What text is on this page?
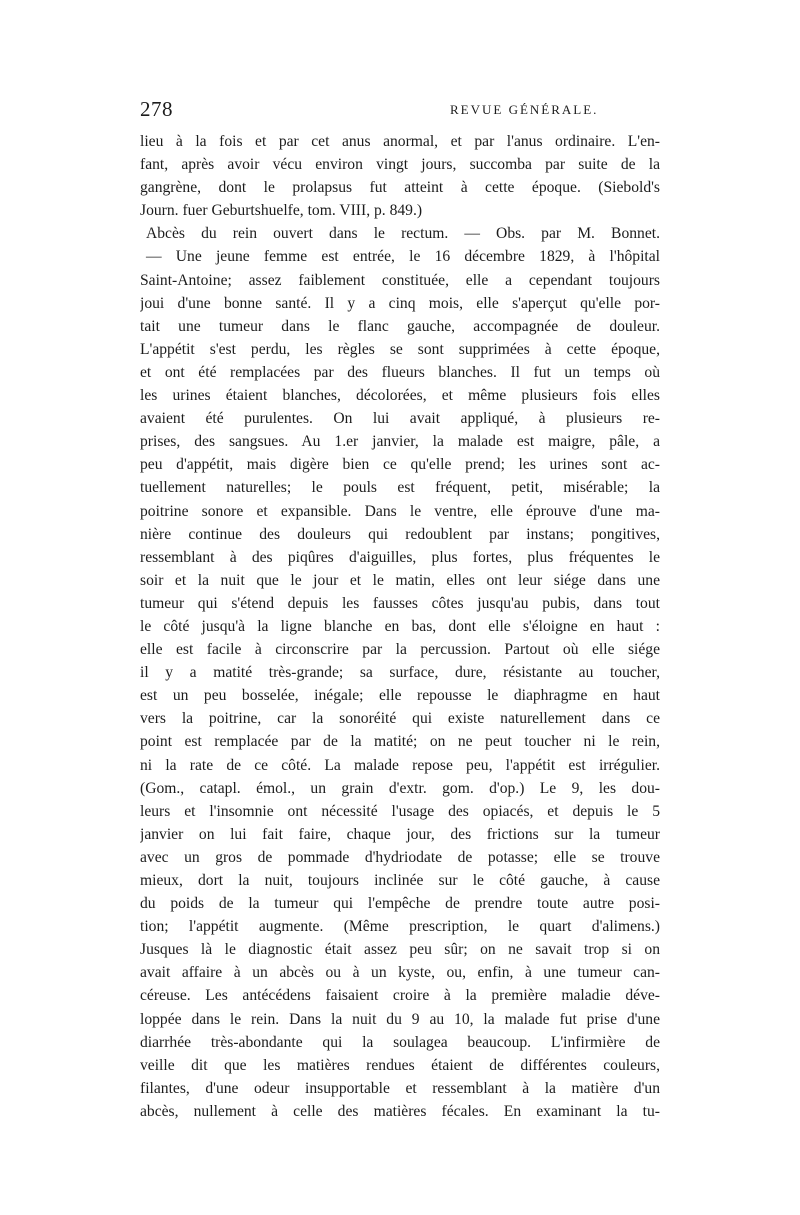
278	REVUE GÉNÉRALE.
lieu à la fois et par cet anus anormal, et par l'anus ordinaire. L'en-
fant, après avoir vécu environ vingt jours, succomba par suite de la
gangrène, dont le prolapsus fut atteint à cette époque. (Siebold's
Journ. fuer Geburtshuelfe, tom. VIII, p. 849.)
Abcès du rein ouvert dans le rectum. — Obs. par M. Bonnet.
— Une jeune femme est entrée, le 16 décembre 1829, à l'hôpital
Saint-Antoine; assez faiblement constituée, elle a cependant toujours
joui d'une bonne santé. Il y a cinq mois, elle s'aperçut qu'elle por-
tait une tumeur dans le flanc gauche, accompagnée de douleur.
L'appétit s'est perdu, les règles se sont supprimées à cette époque,
et ont été remplacées par des flueurs blanches. Il fut un temps où
les urines étaient blanches, décolorées, et même plusieurs fois elles
avaient été purulentes. On lui avait appliqué, à plusieurs re-
prises, des sangsues. Au 1.er janvier, la malade est maigre, pâle, a
peu d'appétit, mais digère bien ce qu'elle prend; les urines sont ac-
tuellement naturelles; le pouls est fréquent, petit, misérable; la
poitrine sonore et expansible. Dans le ventre, elle éprouve d'une ma-
nière continue des douleurs qui redoublent par instans; pongitives,
ressemblant à des piqûres d'aiguilles, plus fortes, plus fréquentes le
soir et la nuit que le jour et le matin, elles ont leur siége dans une
tumeur qui s'étend depuis les fausses côtes jusqu'au pubis, dans tout
le côté jusqu'à la ligne blanche en bas, dont elle s'éloigne en haut :
elle est facile à circonscrire par la percussion. Partout où elle siége
il y a matité très-grande; sa surface, dure, résistante au toucher,
est un peu bosselée, inégale; elle repousse le diaphragme en haut
vers la poitrine, car la sonoréité qui existe naturellement dans ce
point est remplacée par de la matité; on ne peut toucher ni le rein,
ni la rate de ce côté. La malade repose peu, l'appétit est irrégulier.
(Gom., catapl. émol., un grain d'extr. gom. d'op.) Le 9, les dou-
leurs et l'insomnie ont nécessité l'usage des opiacés, et depuis le 5
janvier on lui fait faire, chaque jour, des frictions sur la tumeur
avec un gros de pommade d'hydriodate de potasse; elle se trouve
mieux, dort la nuit, toujours inclinée sur le côté gauche, à cause
du poids de la tumeur qui l'empêche de prendre toute autre posi-
tion; l'appétit augmente. (Même prescription, le quart d'alimens.)
Jusques là le diagnostic était assez peu sûr; on ne savait trop si on
avait affaire à un abcès ou à un kyste, ou, enfin, à une tumeur can-
céreuse. Les antécédens faisaient croire à la première maladie déve-
loppée dans le rein. Dans la nuit du 9 au 10, la malade fut prise d'une
diarrhée très-abondante qui la soulagea beaucoup. L'infirmière de
veille dit que les matières rendues étaient de différentes couleurs,
filantes, d'une odeur insupportable et ressemblant à la matière d'un
abcès, nullement à celle des matières fécales. En examinant la tu-
